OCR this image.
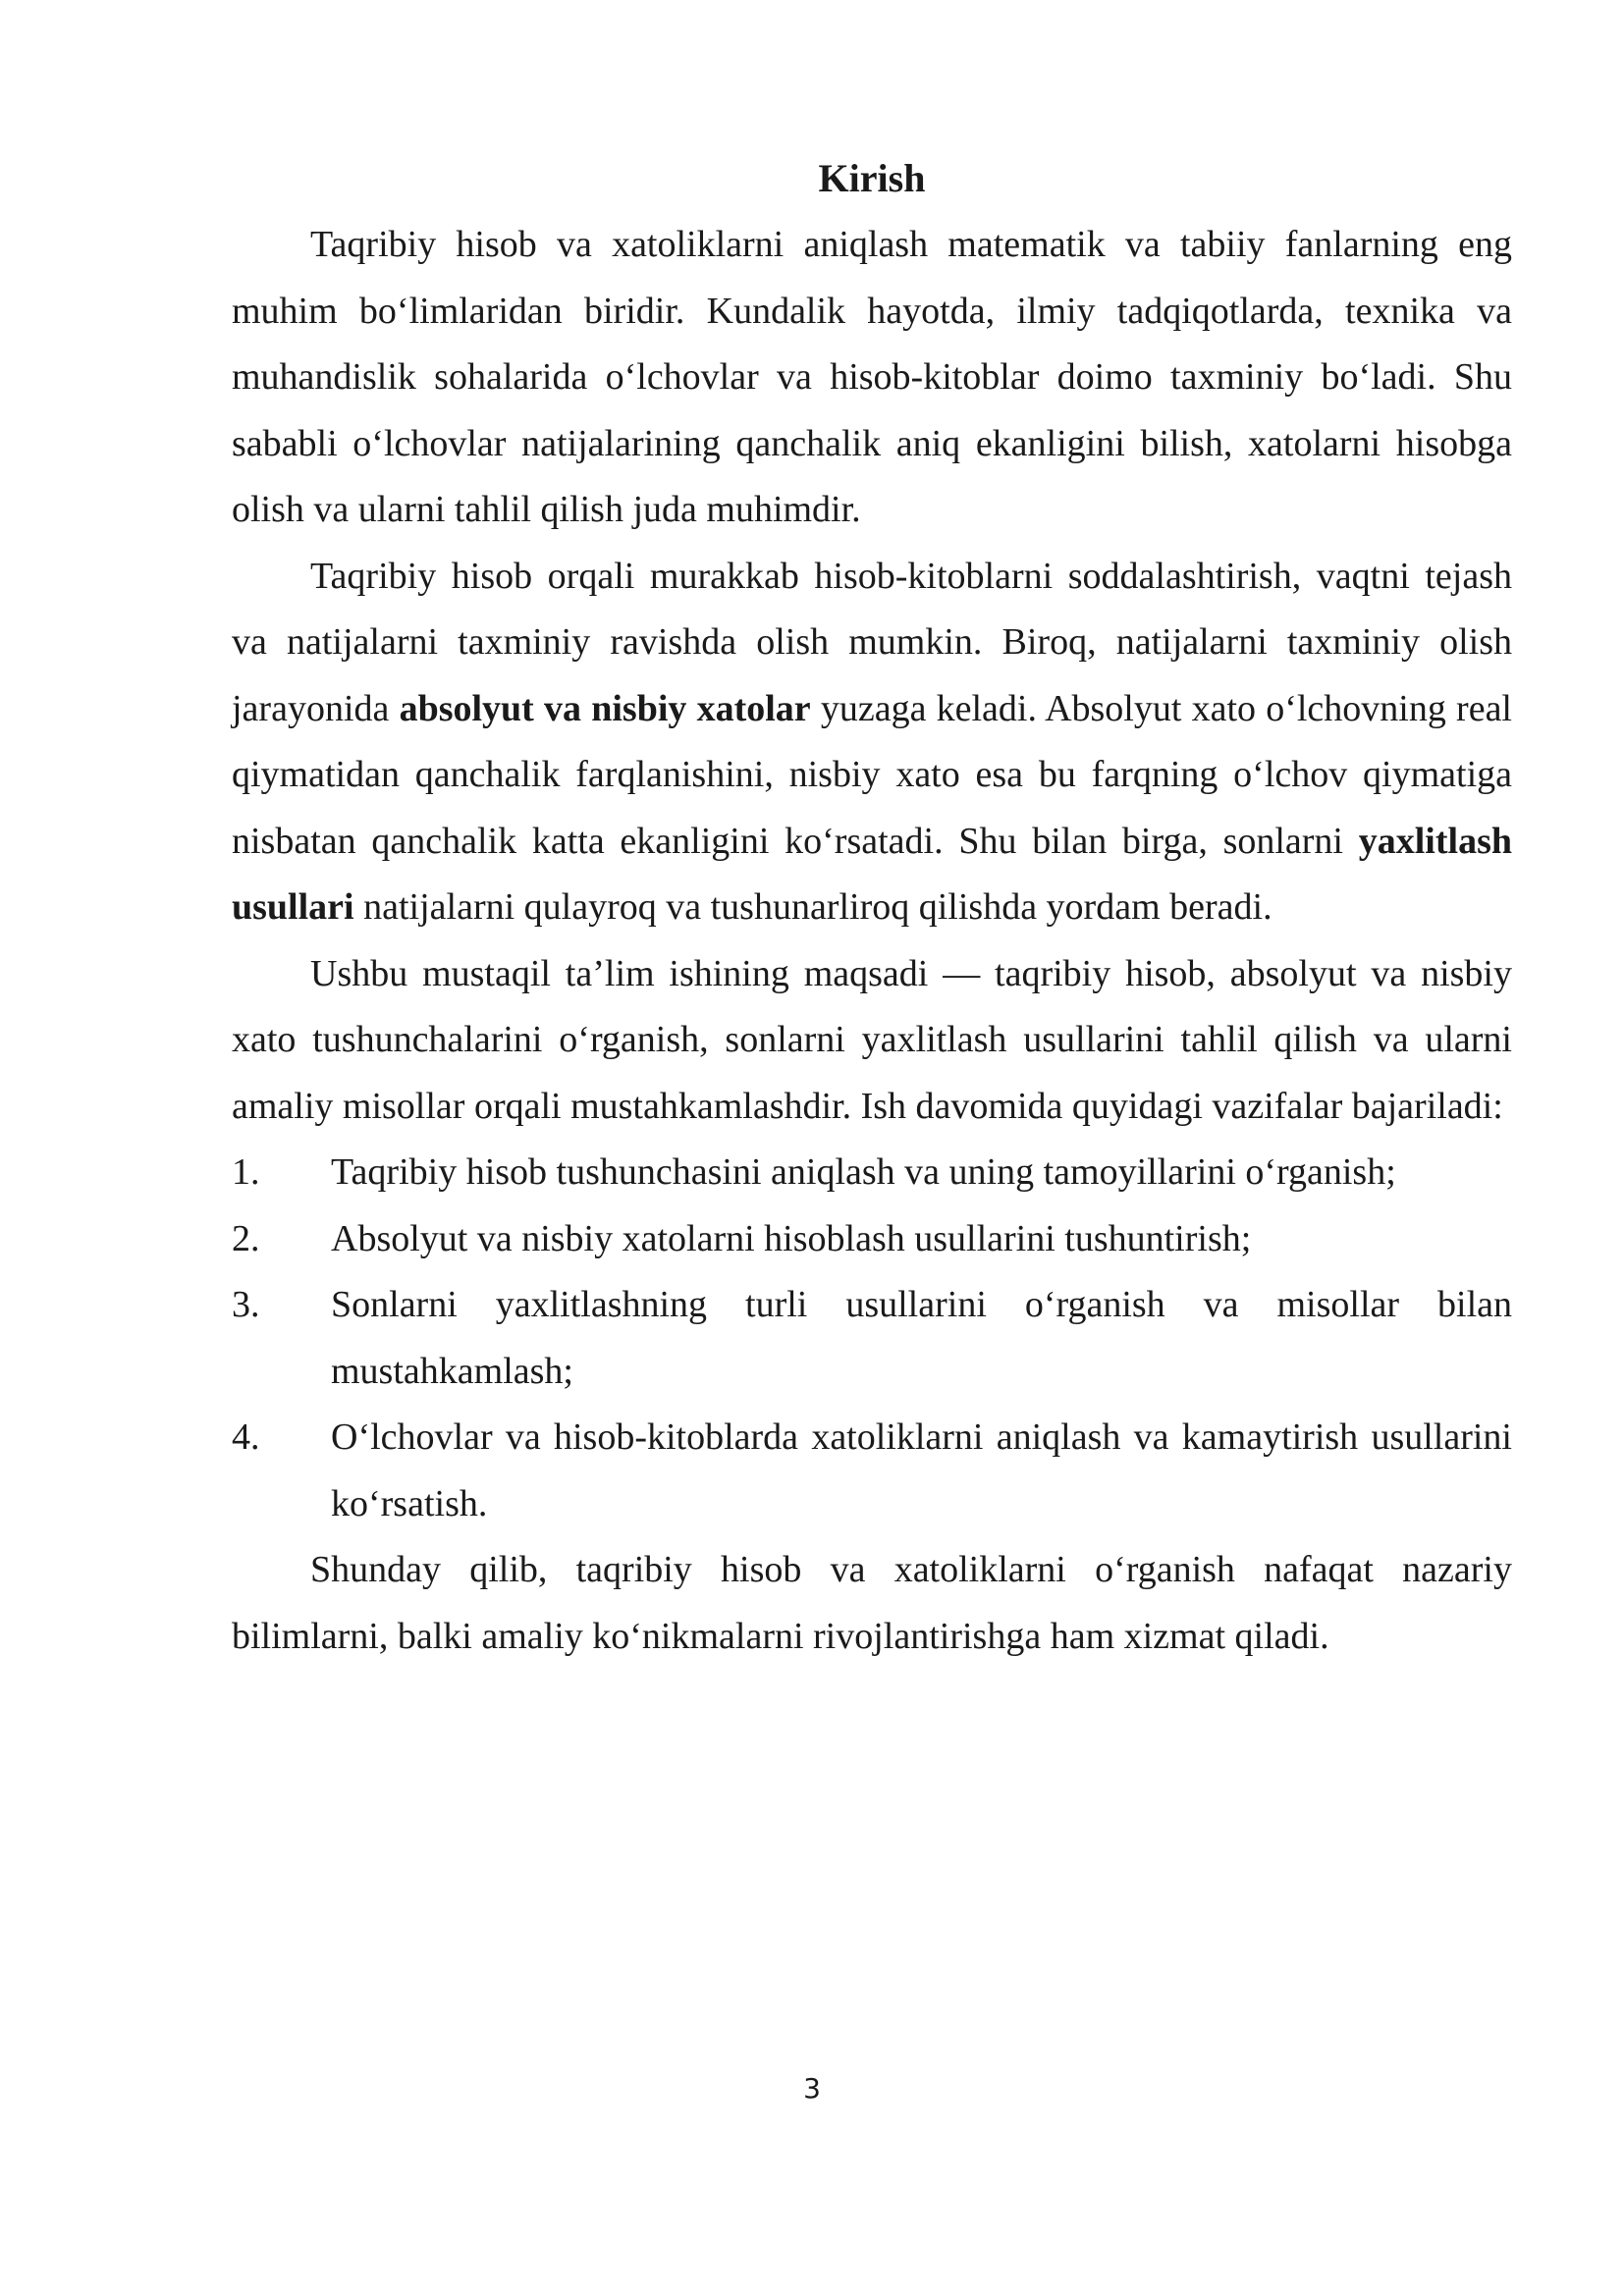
Kirish

Taqribiy hisob va xatoliklarni aniqlash matematik va tabiiy fanlarning eng muhim bo‘limlaridan biridir. Kundalik hayotda, ilmiy tadqiqotlarda, texnika va muhandislik sohalarida o‘lchovlar va hisob-kitoblar doimo taxminiy bo‘ladi. Shu sababli o‘lchovlar natijalarining qanchalik aniq ekanligini bilish, xatolarni hisobga olish va ularni tahlil qilish juda muhimdir.

Taqribiy hisob orqali murakkab hisob-kitoblarni soddalashtirish, vaqtni tejash va natijalarni taxminiy ravishda olish mumkin. Biroq, natijalarni taxminiy olish jarayonida absolyut va nisbiy xatolar yuzaga keladi. Absolyut xato o‘lchovning real qiymatidan qanchalik farqlanishini, nisbiy xato esa bu farqning o‘lchov qiymatiga nisbatan qanchalik katta ekanligini ko‘rsatadi. Shu bilan birga, sonlarni yaxlitlash usullari natijalarni qulayroq va tushunarliroq qilishda yordam beradi.

Ushbu mustaqil ta’lim ishining maqsadi — taqribiy hisob, absolyut va nisbiy xato tushunchalarini o‘rganish, sonlarni yaxlitlash usullarini tahlil qilish va ularni amaliy misollar orqali mustahkamlashdir. Ish davomida quyidagi vazifalar bajariladi:

1.	Taqribiy hisob tushunchasini aniqlash va uning tamoyillarini o‘rganish;
2.	Absolyut va nisbiy xatolarni hisoblash usullarini tushuntirish;
3.	Sonlarni yaxlitlashning turli usullarini o‘rganish va misollar bilan mustahkamlash;
4.	O‘lchovlar va hisob-kitoblarda xatoliklarni aniqlash va kamaytirish usullarini ko‘rsatish.

Shunday qilib, taqribiy hisob va xatoliklarni o‘rganish nafaqat nazariy bilimlarni, balki amaliy ko‘nikmalarni rivojlantirishga ham xizmat qiladi.

3
